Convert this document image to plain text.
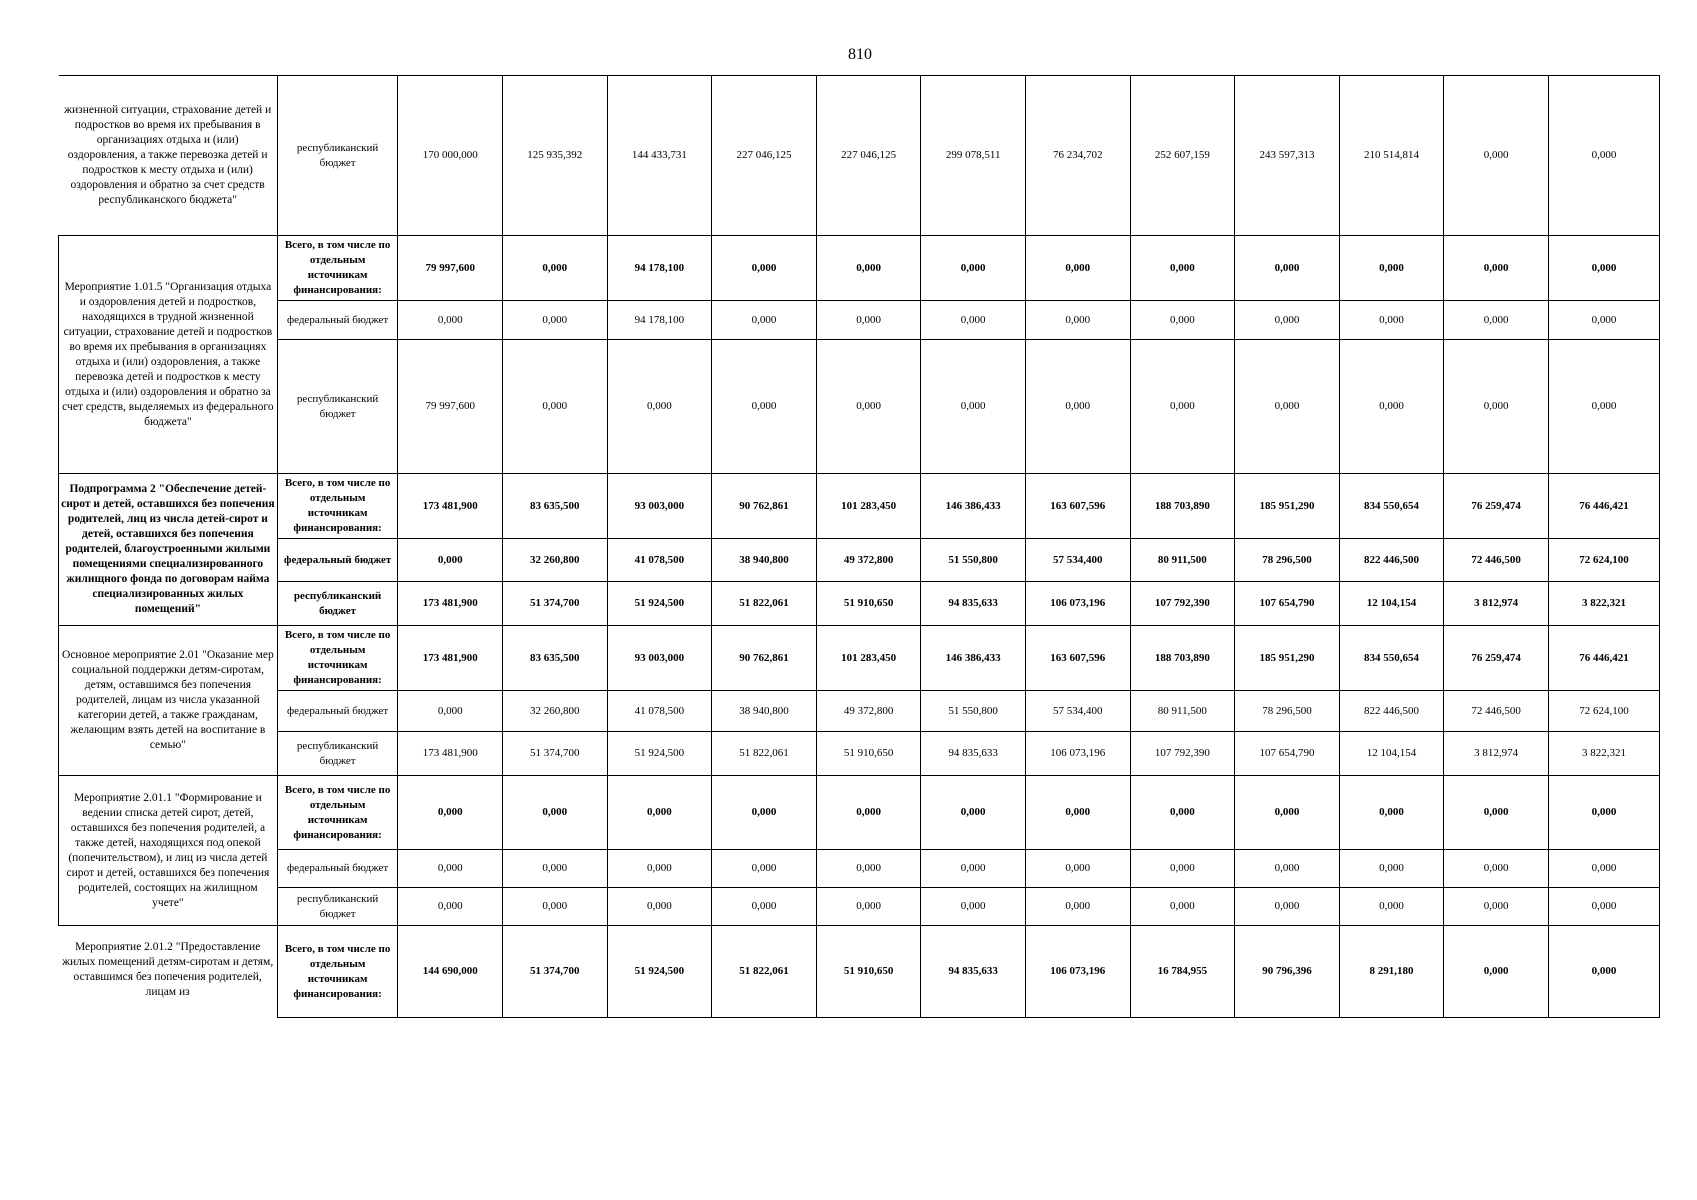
810
жизненной ситуации, страхование детей и подростков во время их пребывания в организациях отдыха и (или) оздоровления, а также перевозка детей и подростков к месту отдыха и (или) оздоровления и обратно за счет средств республиканского бюджета"	республиканский бюджет	170 000,000	125 935,392	144 433,731	227 046,125	227 046,125	299 078,511	76 234,702	252 607,159	243 597,313	210 514,814	0,000	0,000
Мероприятие 1.01.5 "Организация отдыха и оздоровления детей и подростков, находящихся в трудной жизненной ситуации, страхование детей и подростков во время их пребывания в организациях отдыха и (или) оздоровления, а также перевозка детей и подростков к месту отдыха и (или) оздоровления и обратно за счет средств, выделяемых из федерального бюджета"	Всего, в том числе по отдельным источникам финансирования:	79 997,600	0,000	94 178,100	0,000	0,000	0,000	0,000	0,000	0,000	0,000	0,000	0,000
	федеральный бюджет	0,000	0,000	94 178,100	0,000	0,000	0,000	0,000	0,000	0,000	0,000	0,000	0,000
	республиканский бюджет	79 997,600	0,000	0,000	0,000	0,000	0,000	0,000	0,000	0,000	0,000	0,000	0,000
Подпрограмма 2 "Обеспечение детей-сирот и детей, оставшихся без попечения родителей, лиц из числа детей-сирот и детей, оставшихся без попечения родителей, благоустроенными жилыми помещениями специализированного жилищного фонда по договорам найма специализированных жилых помещений"	Всего, в том числе по отдельным источникам финансирования:	173 481,900	83 635,500	93 003,000	90 762,861	101 283,450	146 386,433	163 607,596	188 703,890	185 951,290	834 550,654	76 259,474	76 446,421
	федеральный бюджет	0,000	32 260,800	41 078,500	38 940,800	49 372,800	51 550,800	57 534,400	80 911,500	78 296,500	822 446,500	72 446,500	72 624,100
	республиканский бюджет	173 481,900	51 374,700	51 924,500	51 822,061	51 910,650	94 835,633	106 073,196	107 792,390	107 654,790	12 104,154	3 812,974	3 822,321
Основное мероприятие 2.01 "Оказание мер социальной поддержки детям-сиротам, детям, оставшимся без попечения родителей, лицам из числа указанной категории детей, а также гражданам, желающим взять детей на воспитание в семью"	Всего, в том числе по отдельным источникам финансирования:	173 481,900	83 635,500	93 003,000	90 762,861	101 283,450	146 386,433	163 607,596	188 703,890	185 951,290	834 550,654	76 259,474	76 446,421
	федеральный бюджет	0,000	32 260,800	41 078,500	38 940,800	49 372,800	51 550,800	57 534,400	80 911,500	78 296,500	822 446,500	72 446,500	72 624,100
	республиканский бюджет	173 481,900	51 374,700	51 924,500	51 822,061	51 910,650	94 835,633	106 073,196	107 792,390	107 654,790	12 104,154	3 812,974	3 822,321
Мероприятие 2.01.1 "Формирование и ведении списка детей сирот, детей, оставшихся без попечения родителей, а также детей, находящихся под опекой (попечительством), и лиц из числа детей сирот и детей, оставшихся без попечения родителей, состоящих на жилищном учете"	Всего, в том числе по отдельным источникам финансирования:	0,000	0,000	0,000	0,000	0,000	0,000	0,000	0,000	0,000	0,000	0,000	0,000
	федеральный бюджет	0,000	0,000	0,000	0,000	0,000	0,000	0,000	0,000	0,000	0,000	0,000	0,000
	республиканский бюджет	0,000	0,000	0,000	0,000	0,000	0,000	0,000	0,000	0,000	0,000	0,000	0,000
Мероприятие 2.01.2 "Предоставление жилых помещений детям-сиротам и детям, оставшимся без попечения родителей, лицам из	Всего, в том числе по отдельным источникам финансирования:	144 690,000	51 374,700	51 924,500	51 822,061	51 910,650	94 835,633	106 073,196	16 784,955	90 796,396	8 291,180	0,000	0,000
